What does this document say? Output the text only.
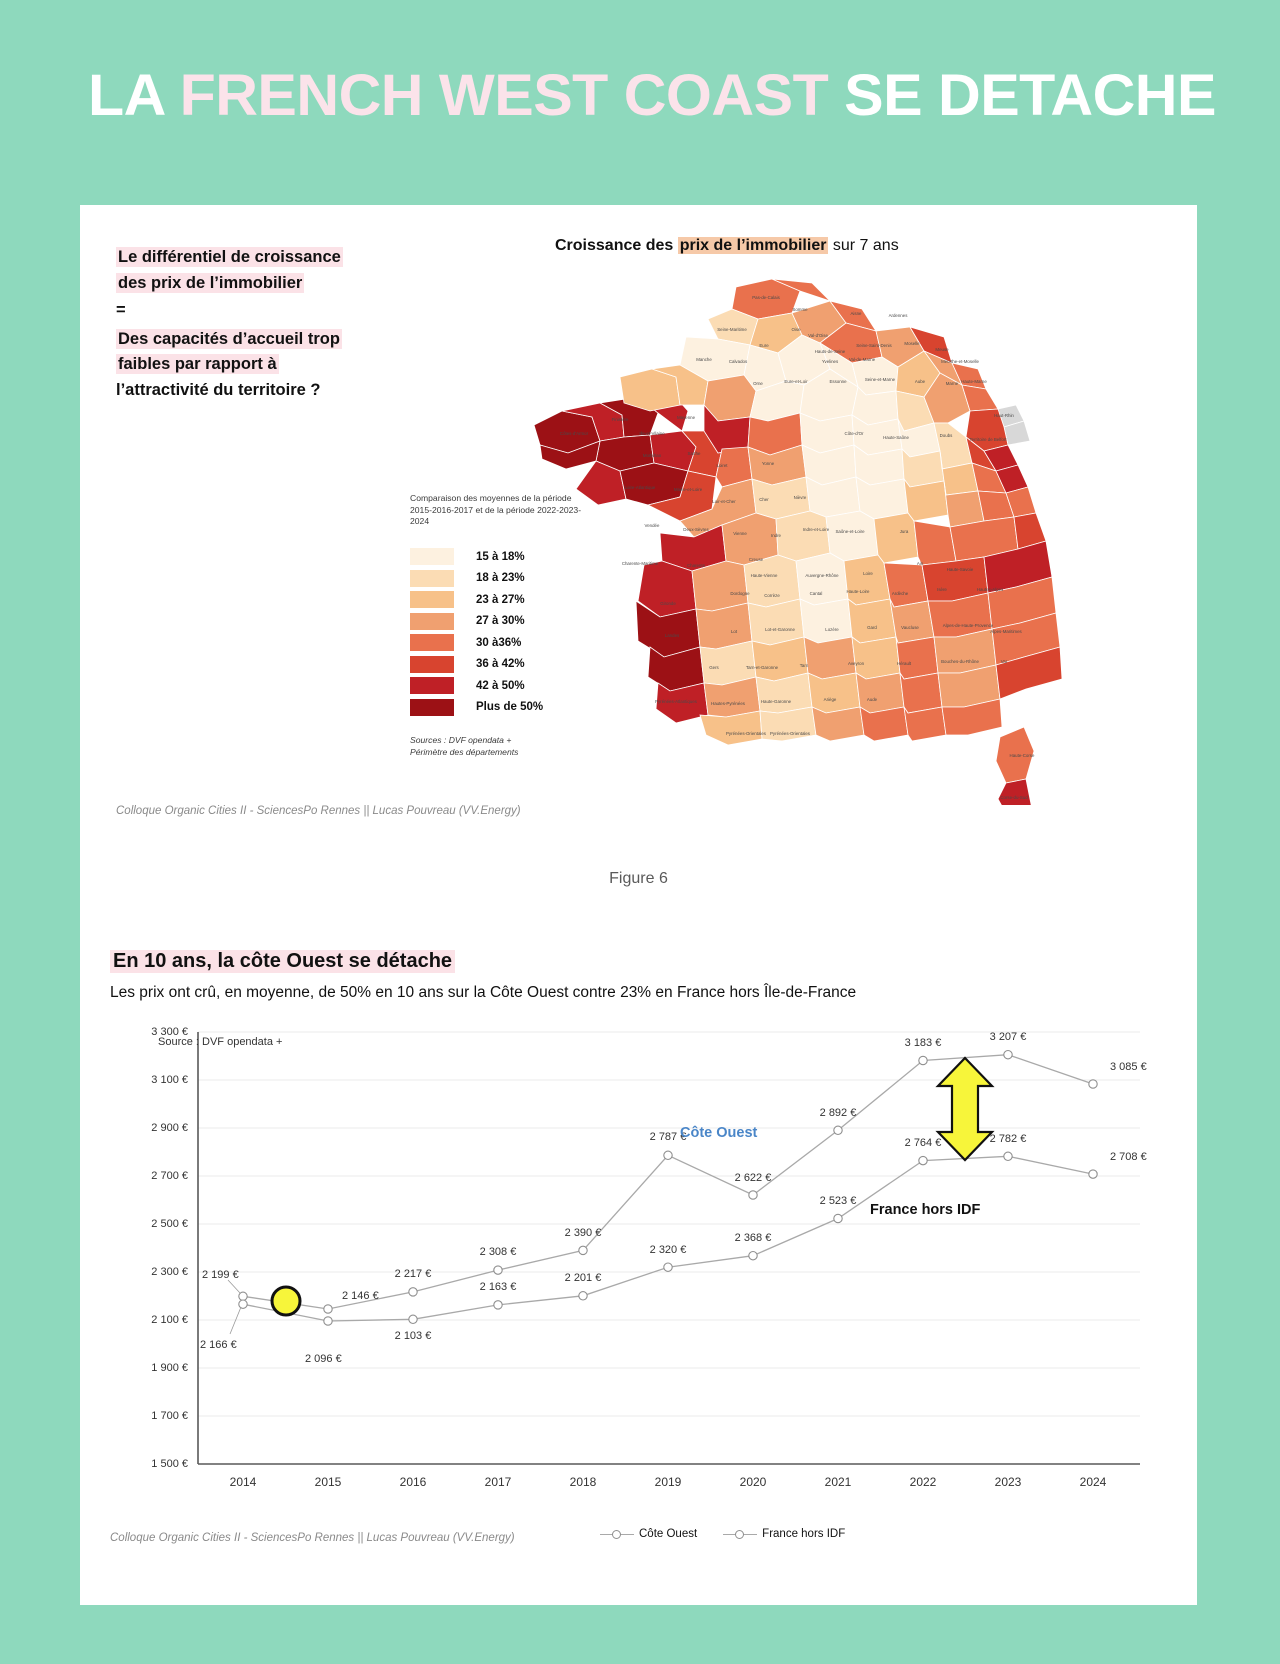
LA FRENCH WEST COAST SE DETACHE
Le différentiel de croissance
des prix de l’immobilier

=
Des capacités d’accueil trop
faibles par rapport à
l’attractivité du territoire ?
Croissance des prix de l’immobilier sur 7 ans
Pas-de-Calais
Somme
Seine-Maritime	Oise
Aisne	Ardennes
Manche	Calvados
Eure
Val-d'Oise
Hauts-de-Seine
Seine-Saint-Denis	Moselle
Yvelines Val-de-Marne	Meurthe-et-Moselle
Meuse
Orne	Eure-et-Loir	Essonne	Seine-et-Marne	Aube	Marne Haute-Marne
Côtes-d'Armor
Finistère
Ille-et-Vilaine
Mayenne
Morbihan	Sarthe
Loiret	Yonne
Côte-d'Or
Haute-Saône	Doubs
Territoire de Belfort
Haut-Rhin
Loire-Atlantique	Maine-et-Loire
Loir-et-Cher	Cher	Nièvre
Vendée
Deux-Sèvres
Vienne	Indre
Indre-et-Loire Saône-et-Loire	Jura
Charente-Maritime	Charente
Creuse
Haute-Vienne	Auvergne-Rhône	Loire
Ain
Haute-Savoie
Gironde
Dordogne	Corrèze	Cantal	Haute-Loire	Ardèche
Isère	Hautes-Alpes
Landes
Lot	Lot-et-Garonne	Lozère	Gard	Vaucluse	Alpes-de-Haute-Provence
Alpes-Maritimes
Gers	Tarn-et-Garonne	Tarn	Aveyron	Hérault	Bouches-du-Rhône	Var
Pyrénées-Atlantiques	Hautes-Pyrénées	Haute-Garonne	Ariège	Aude
Pyrénées-Orientales Pyrénées-Orientales
Haute-Corse
Corse-du-Sud
Comparaison des moyennes de la période 2015-2016-2017 et de la période 2022-2023-2024
15 à 18%
18 à 23%
23 à 27%
27 à 30%
30 à36%
36 à 42%
42 à 50%
Plus de 50%
Sources : DVF opendata +
Périmètre des départements
Colloque Organic Cities II - SciencesPo Rennes || Lucas Pouvreau (VV.Energy)
Figure 6
En 10 ans, la côte Ouest se détache
Les prix ont crû, en moyenne, de 50% en 10 ans sur la Côte Ouest contre 23% en France hors Île-de-France
3 300 €
3 100 €
2 900 €
2 700 €
2 500 €
2 300 €
2 100 €
1 900 €
1 700 €
1 500 €
2014	2015	2016	2017	2018	2019	2020	2021	2022	2023	2024
2 199 €
2 146 €
2 217 €
2 308 €
2 390 €
2 787 €
2 622 €
2 892 €
3 183 €	3 207 €
3 085 €
2 166 €
2 096 €
2 103 €
2 163 €
2 201 €
2 320 €
2 368 €
2 523 €
2 764 €	2 782 €
2 708 €
Source : DVF opendata +
Côte Ouest
France hors IDF
Colloque Organic Cities II - SciencesPo Rennes || Lucas Pouvreau (VV.Energy)	Côte Ouest	France hors IDF
